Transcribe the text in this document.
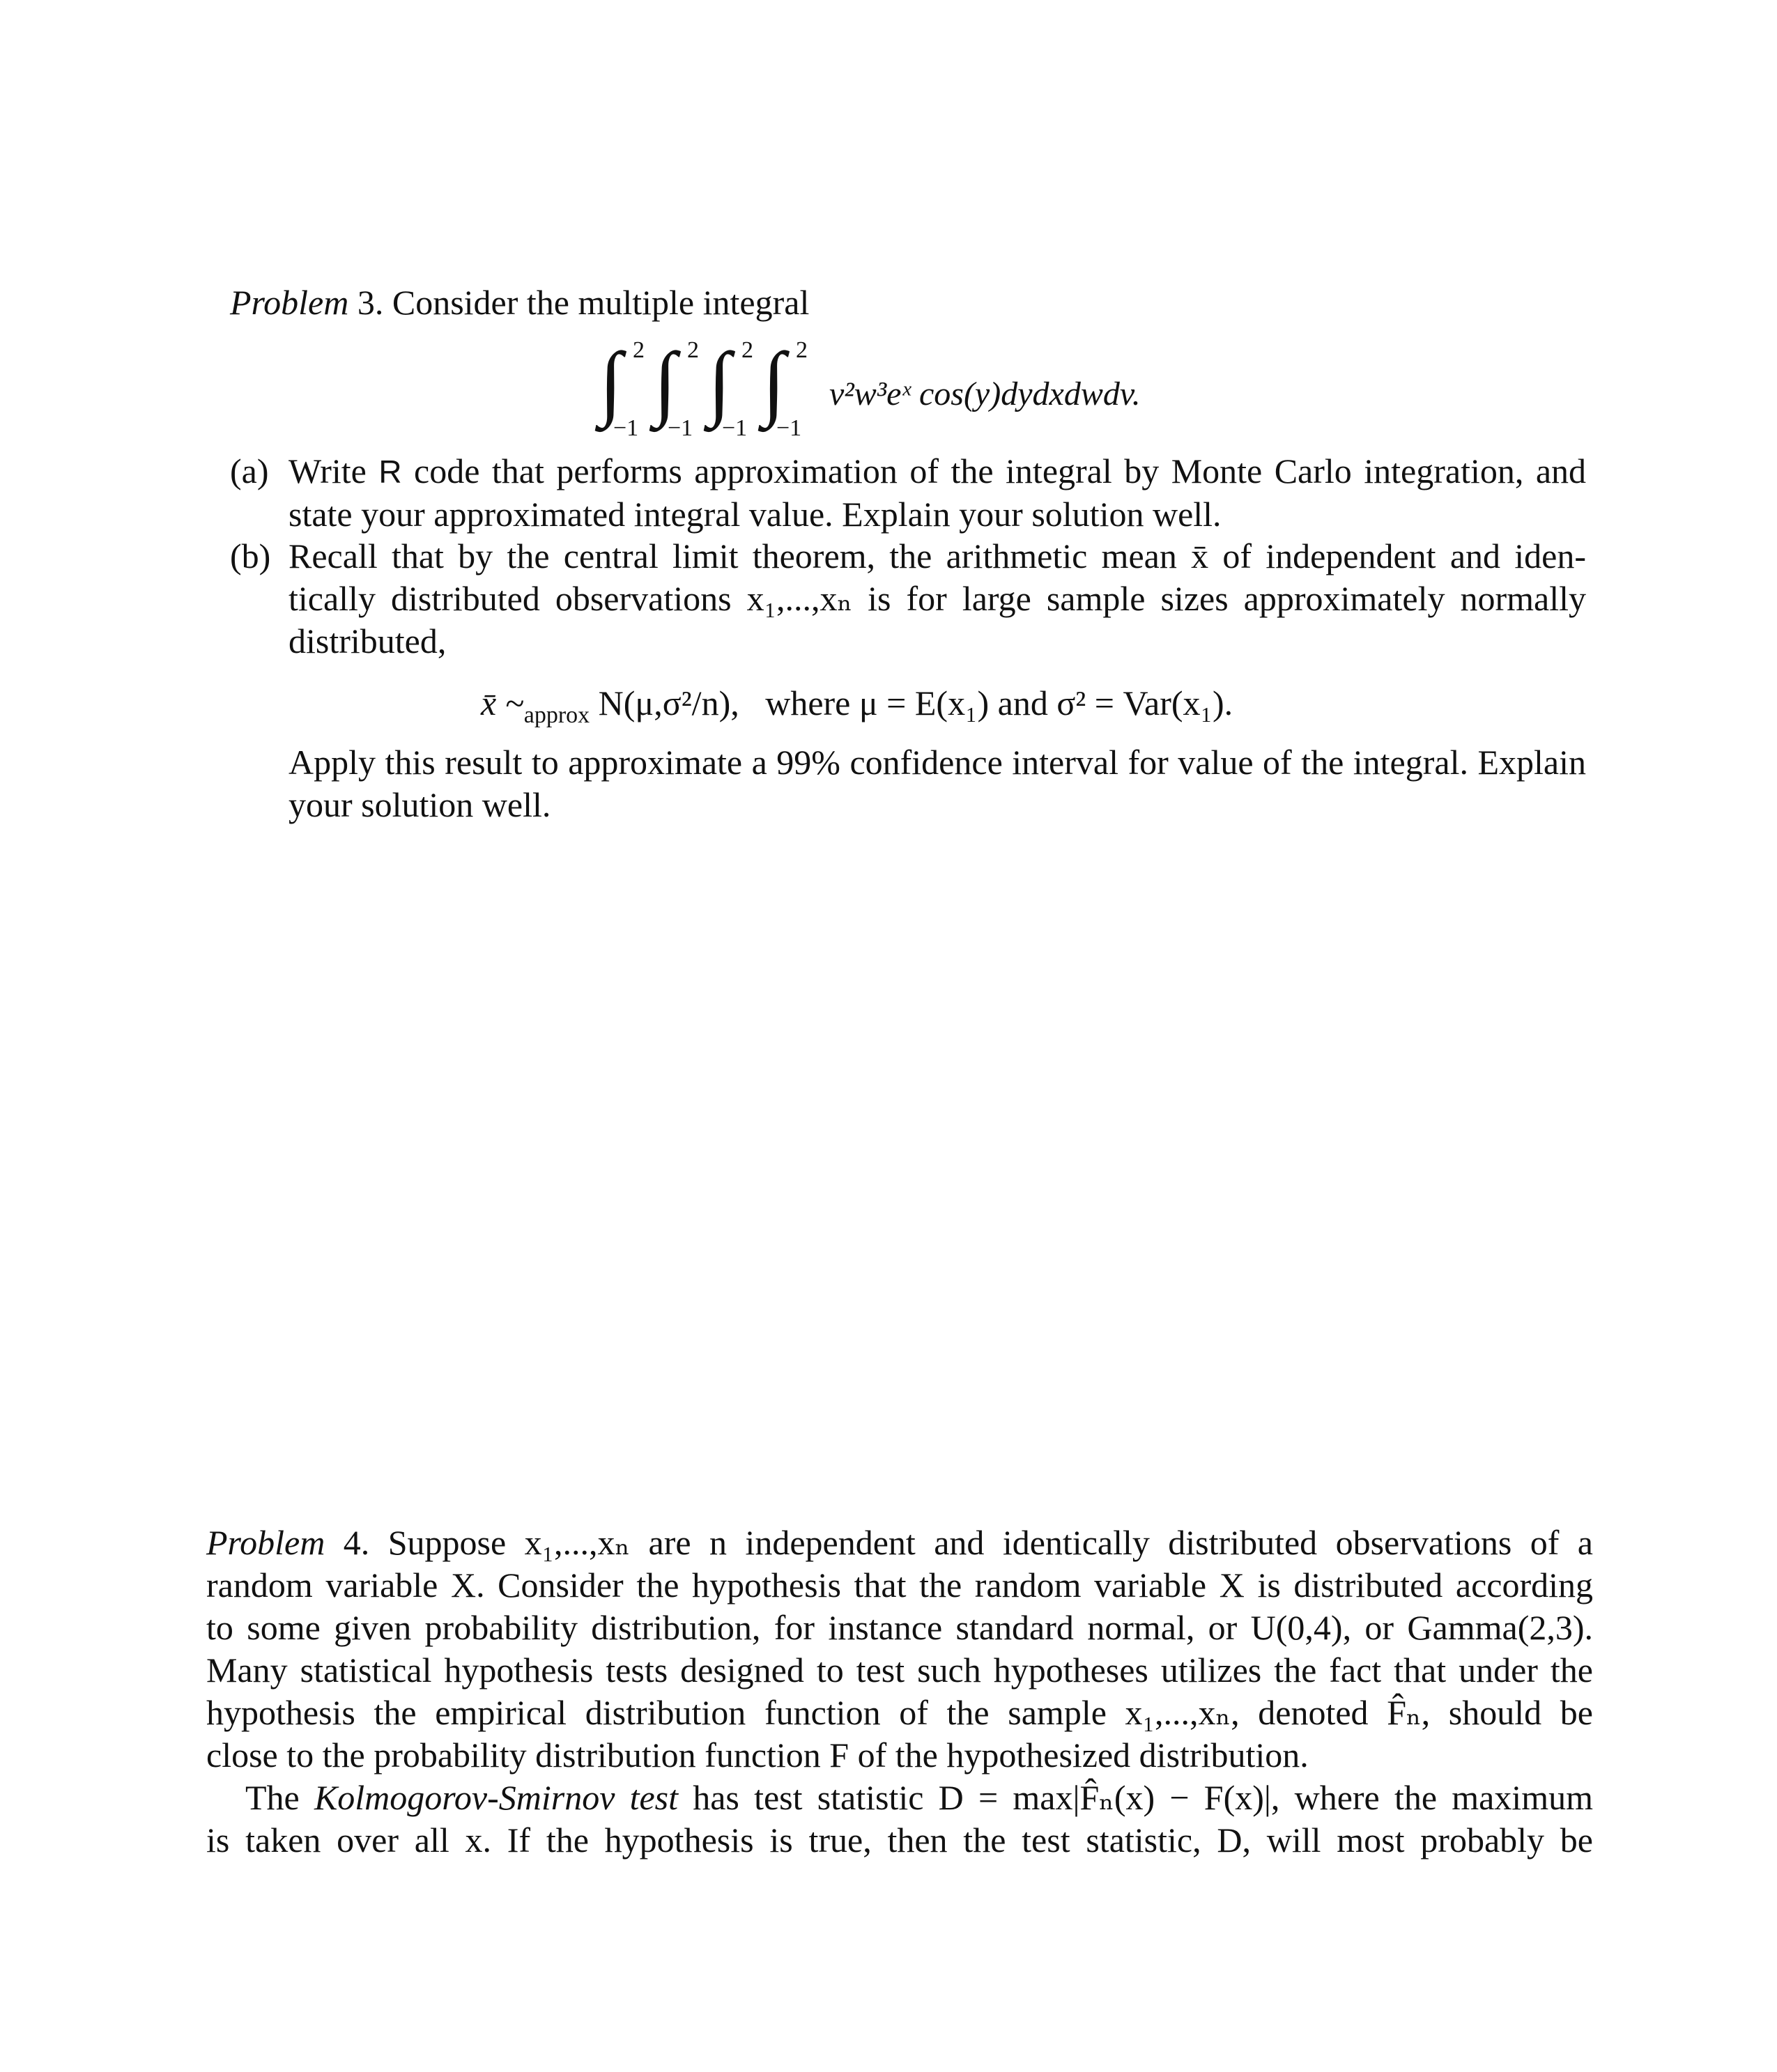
Problem 3. Consider the multiple integral
∫ ∫ ∫ ∫
2 2 2 2
−1 −1 −1 −1
v²w³eˣ cos(y)dydxdwdv.
(a) Write R code that performs approximation of the integral by Monte Carlo integration, and
state your approximated integral value. Explain your solution well.
(b) Recall that by the central limit theorem, the arithmetic mean x̄ of independent and iden-
tically distributed observations x₁,...,xₙ is for large sample sizes approximately normally
distributed,
x̄ $\sim_{approx}$ N(μ,σ²/n), where μ = E(x₁) and σ² = Var(x₁).
Apply this result to approximate a 99% confidence interval for value of the integral. Explain
your solution well.
Problem 4. Suppose x₁,...,xₙ are n independent and identically distributed observations of a
random variable X. Consider the hypothesis that the random variable X is distributed according
to some given probability distribution, for instance standard normal, or U(0,4), or Gamma(2,3).
Many statistical hypothesis tests designed to test such hypotheses utilizes the fact that under the
hypothesis the empirical distribution function of the sample x₁,...,xₙ, denoted F̂ₙ, should be
close to the probability distribution function F of the hypothesized distribution.
The Kolmogorov-Smirnov test has test statistic D = max|F̂ₙ(x) − F(x)|, where the maximum
is taken over all x. If the hypothesis is true, then the test statistic, D, will most probably be
